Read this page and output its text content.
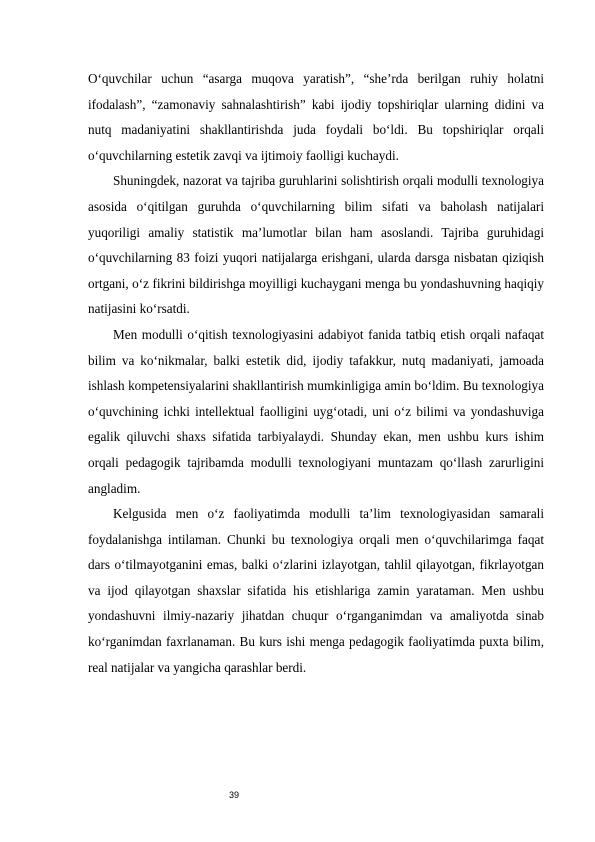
O‘quvchilar uchun “asarga muqova yaratish”, “she’rda berilgan ruhiy holatni ifodalash”, “zamonaviy sahnalashtirish” kabi ijodiy topshiriqlar ularning didini va nutq madaniyatini shakllantirishda juda foydali bo‘ldi. Bu topshiriqlar orqali o‘quvchilarning estetik zavqi va ijtimoiy faolligi kuchaydi.

Shuningdek, nazorat va tajriba guruhlarini solishtirish orqali modulli texnologiya asosida o‘qitilgan guruhda o‘quvchilarning bilim sifati va baholash natijalari yuqoriligi amaliy statistik ma’lumotlar bilan ham asoslandi. Tajriba guruhidagi o‘quvchilarning 83 foizi yuqori natijalarga erishgani, ularda darsga nisbatan qiziqish ortgani, o‘z fikrini bildirishga moyilligi kuchaygani menga bu yondashuvning haqiqiy natijasini ko‘rsatdi.

Men modulli o‘qitish texnologiyasini adabiyot fanida tatbiq etish orqali nafaqat bilim va ko‘nikmalar, balki estetik did, ijodiy tafakkur, nutq madaniyati, jamoada ishlash kompetensiyalarini shakllantirish mumkinligiga amin bo‘ldim. Bu texnologiya o‘quvchining ichki intellektual faolligini uyg‘otadi, uni o‘z bilimi va yondashuviga egalik qiluvchi shaxs sifatida tarbiyalaydi. Shunday ekan, men ushbu kurs ishim orqali pedagogik tajribamda modulli texnologiyani muntazam qo‘llash zarurligini angladim.

Kelgusida men o‘z faoliyatimda modulli ta’lim texnologiyasidan samarali foydalanishga intilaman. Chunki bu texnologiya orqali men o‘quvchilarimga faqat dars o‘tilmayotganini emas, balki o‘zlarini izlayotgan, tahlil qilayotgan, fikrlayotgan va ijod qilayotgan shaxslar sifatida his etishlariga zamin yarataman. Men ushbu yondashuvni ilmiy-nazariy jihatdan chuqur o‘rganganimdan va amaliyotda sinab ko‘rganimdan faxrlanaman. Bu kurs ishi menga pedagogik faoliyatimda puxta bilim, real natijalar va yangicha qarashlar berdi.

39
